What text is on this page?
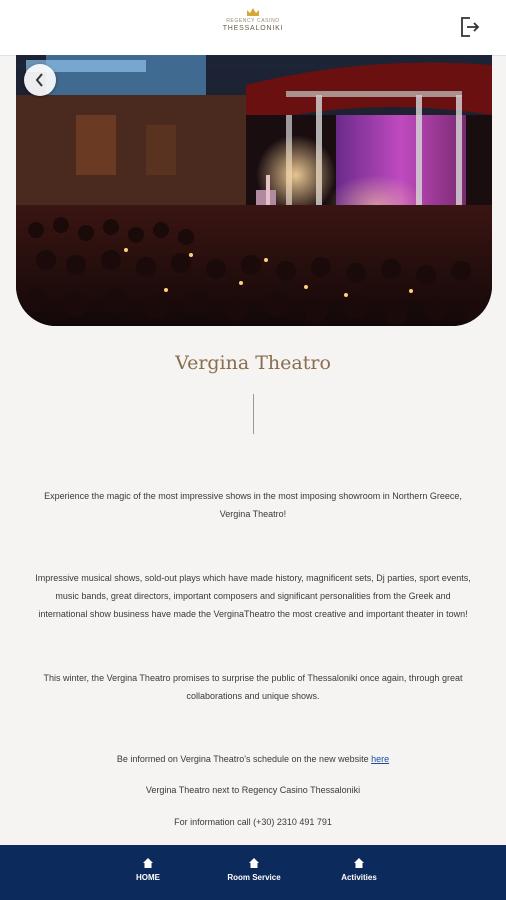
REGENCY CASINO
THESSALONIKI
Vergina Theatro

Experience the magic of the most impressive shows in the most imposing showroom in Northern Greece, Vergina Theatro!

Impressive musical shows, sold-out plays which have made history, magnificent sets, Dj parties, sport events, music bands, great directors, important composers and significant personalities from the Greek and international show business have made the VerginaTheatro the most creative and important theater in town!

This winter, the Vergina Theatro promises to surprise the public of Thessaloniki once again, through great collaborations and unique shows.

Be informed on Vergina Theatro's schedule on the new website here

Vergina Theatro next to Regency Casino Thessaloniki

For information call (+30) 2310 491 791

HOME	Room Service	Activities
